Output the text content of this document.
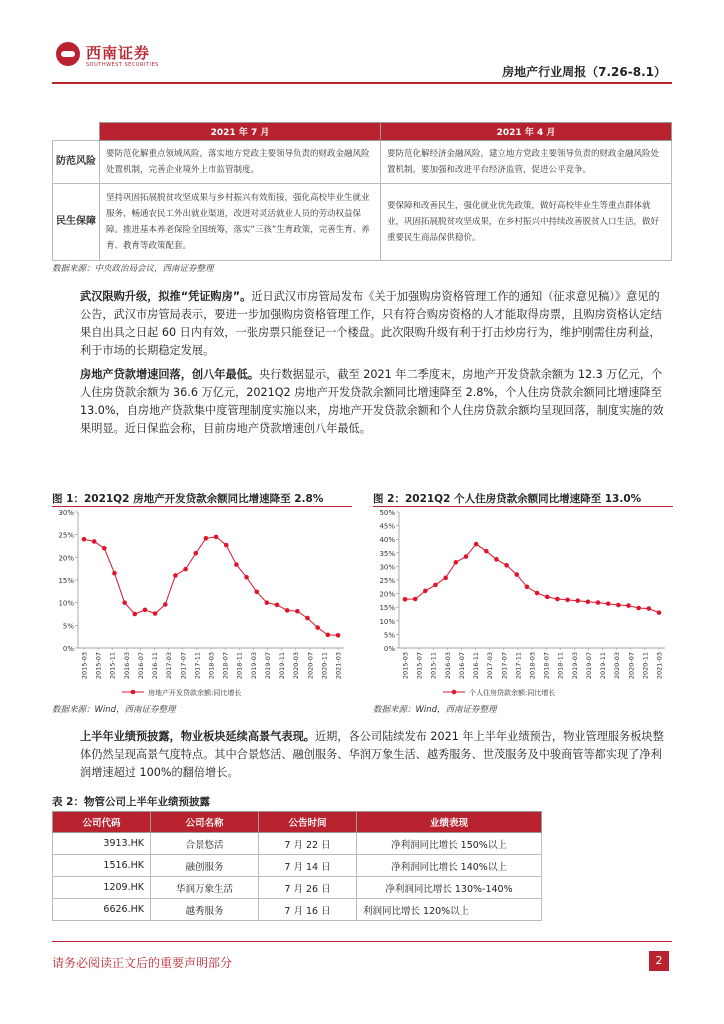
西南证券
SOUTHWEST SECURITIES	房地产行业周报（7.26-8.1）
	2021 年 7 月	2021 年 4 月
防范风险	要防范化解重点领域风险，落实地方党政主要领导负责的财政金融风险处置机制，完善企业境外上市监管制度。	要防范化解经济金融风险，建立地方党政主要领导负责的财政金融风险处置机制。要加强和改进平台经济监管，促进公平竞争。
民生保障	坚持巩固拓展脱贫攻坚成果与乡村振兴有效衔接，强化高校毕业生就业服务，畅通农民工外出就业渠道，改进对灵活就业人员的劳动权益保障。推进基本养老保险全国统筹，落实“三孩”生育政策，完善生育、养育、教育等政策配套。	要保障和改善民生，强化就业优先政策，做好高校毕业生等重点群体就业，巩固拓展脱贫攻坚成果，在乡村振兴中持续改善脱贫人口生活，做好重要民生商品保供稳价。
数据来源：中央政治局会议，西南证券整理
武汉限购升级，拟推“凭证购房”。近日武汉市房管局发布《关于加强购房资格管理工作的通知（征求意见稿）》意见的公告，武汉市房管局表示，要进一步加强购房资格管理工作，只有符合购房资格的人才能取得房票，且购房资格认定结果自出具之日起 60 日内有效，一张房票只能登记一个楼盘。此次限购升级有利于打击炒房行为，维护刚需住房利益，利于市场的长期稳定发展。
房地产贷款增速回落，创八年最低。央行数据显示，截至 2021 年二季度末，房地产开发贷款余额为 12.3 万亿元，个人住房贷款余额为 36.6 万亿元，2021Q2 房地产开发贷款余额同比增速降至 2.8%，个人住房贷款余额同比增速降至 13.0%，自房地产贷款集中度管理制度实施以来，房地产开发贷款余额和个人住房贷款余额均呈现回落，制度实施的效果明显。近日保监会称，目前房地产贷款增速创八年最低。
图 1：2021Q2 房地产开发贷款余额同比增速降至 2.8%	图 2：2021Q2 个人住房贷款余额同比增速降至 13.0%
0%
5%
10%
15%
20%
25%
30%
2015-03 2015-07 2015-11 2016-03 2016-07 2016-11 2017-03 2017-07 2017-11 2018-03 2018-07 2018-11 2019-03 2019-07 2019-11 2020-03 2020-07 2020-11 2021-03
房地产开发贷款余额:同比增长
0%
5%
10%
15%
20%
25%
30%
35%
40%
45%
50%
2015-03 2015-07 2015-11 2016-03 2016-07 2016-11 2017-03 2017-07 2017-11 2018-03 2018-07 2018-11 2019-03 2019-07 2019-11 2020-03 2020-07 2020-11 2021-03
个人住房贷款余额:同比增长
数据来源：Wind，西南证券整理	数据来源：Wind，西南证券整理
上半年业绩预披露，物业板块延续高景气表现。近期，各公司陆续发布 2021 年上半年业绩预告，物业管理服务板块整体仍然呈现高景气度特点。其中合景悠活、融创服务、华润万象生活、越秀服务、世茂服务及中骏商管等都实现了净利润增速超过 100%的翻倍增长。
表 2：物管公司上半年业绩预披露
公司代码	公司名称	公告时间	业绩表现
3913.HK	合景悠活	7 月 22 日	净利润同比增长 150%以上
1516.HK	融创服务	7 月 14 日	净利润同比增长 140%以上
1209.HK	华润万象生活	7 月 26 日	净利润同比增长 130%-140%
6626.HK	越秀服务	7 月 16 日	利润同比增长 120%以上
请务必阅读正文后的重要声明部分	2
